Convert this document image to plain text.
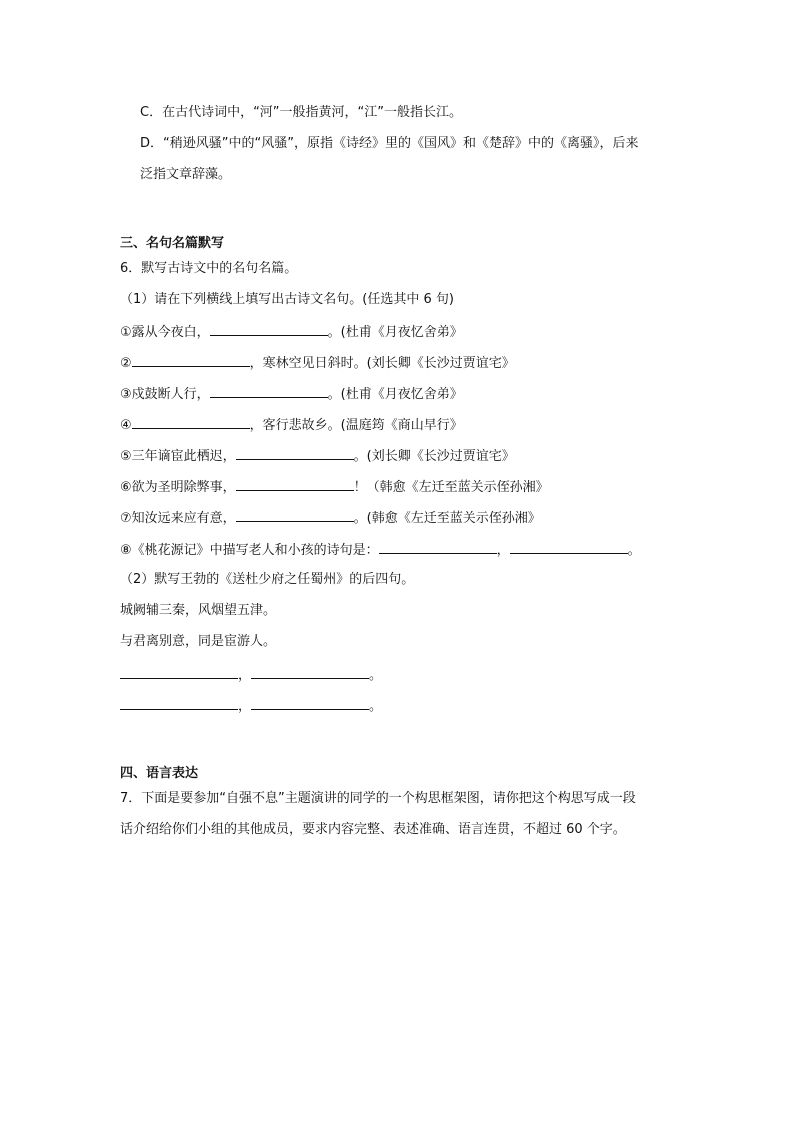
C．在古代诗词中，“河”一般指黄河，“江”一般指长江。
D．“稍逊风骚”中的“风骚”，原指《诗经》里的《国风》和《楚辞》中的《离骚》，后来
泛指文章辞藻。
三、名句名篇默写
6．默写古诗文中的名句名篇。
（1）请在下列横线上填写出古诗文名句。(任选其中 6 句)
①露从今夜白，	。(杜甫《月夜忆舍弟》
②	，寒林空见日斜时。(刘长卿《长沙过贾谊宅》
③戍鼓断人行，	。(杜甫《月夜忆舍弟》
④	，客行悲故乡。(温庭筠《商山早行》
⑤三年谪宦此栖迟，	。(刘长卿《长沙过贾谊宅》
⑥欲为圣明除弊事，	！（韩愈《左迁至蓝关示侄孙湘》
⑦知汝远来应有意，	。(韩愈《左迁至蓝关示侄孙湘》
⑧《桃花源记》中描写老人和小孩的诗句是：	，	。
（2）默写王勃的《送杜少府之任蜀州》的后四句。
城阙辅三秦，风烟望五津。
与君离别意，同是宦游人。
，	。
，	。
四、语言表达
7．下面是要参加“自强不息”主题演讲的同学的一个构思框架图，请你把这个构思写成一段
话介绍给你们小组的其他成员，要求内容完整、表述准确、语言连贯，不超过 60 个字。
